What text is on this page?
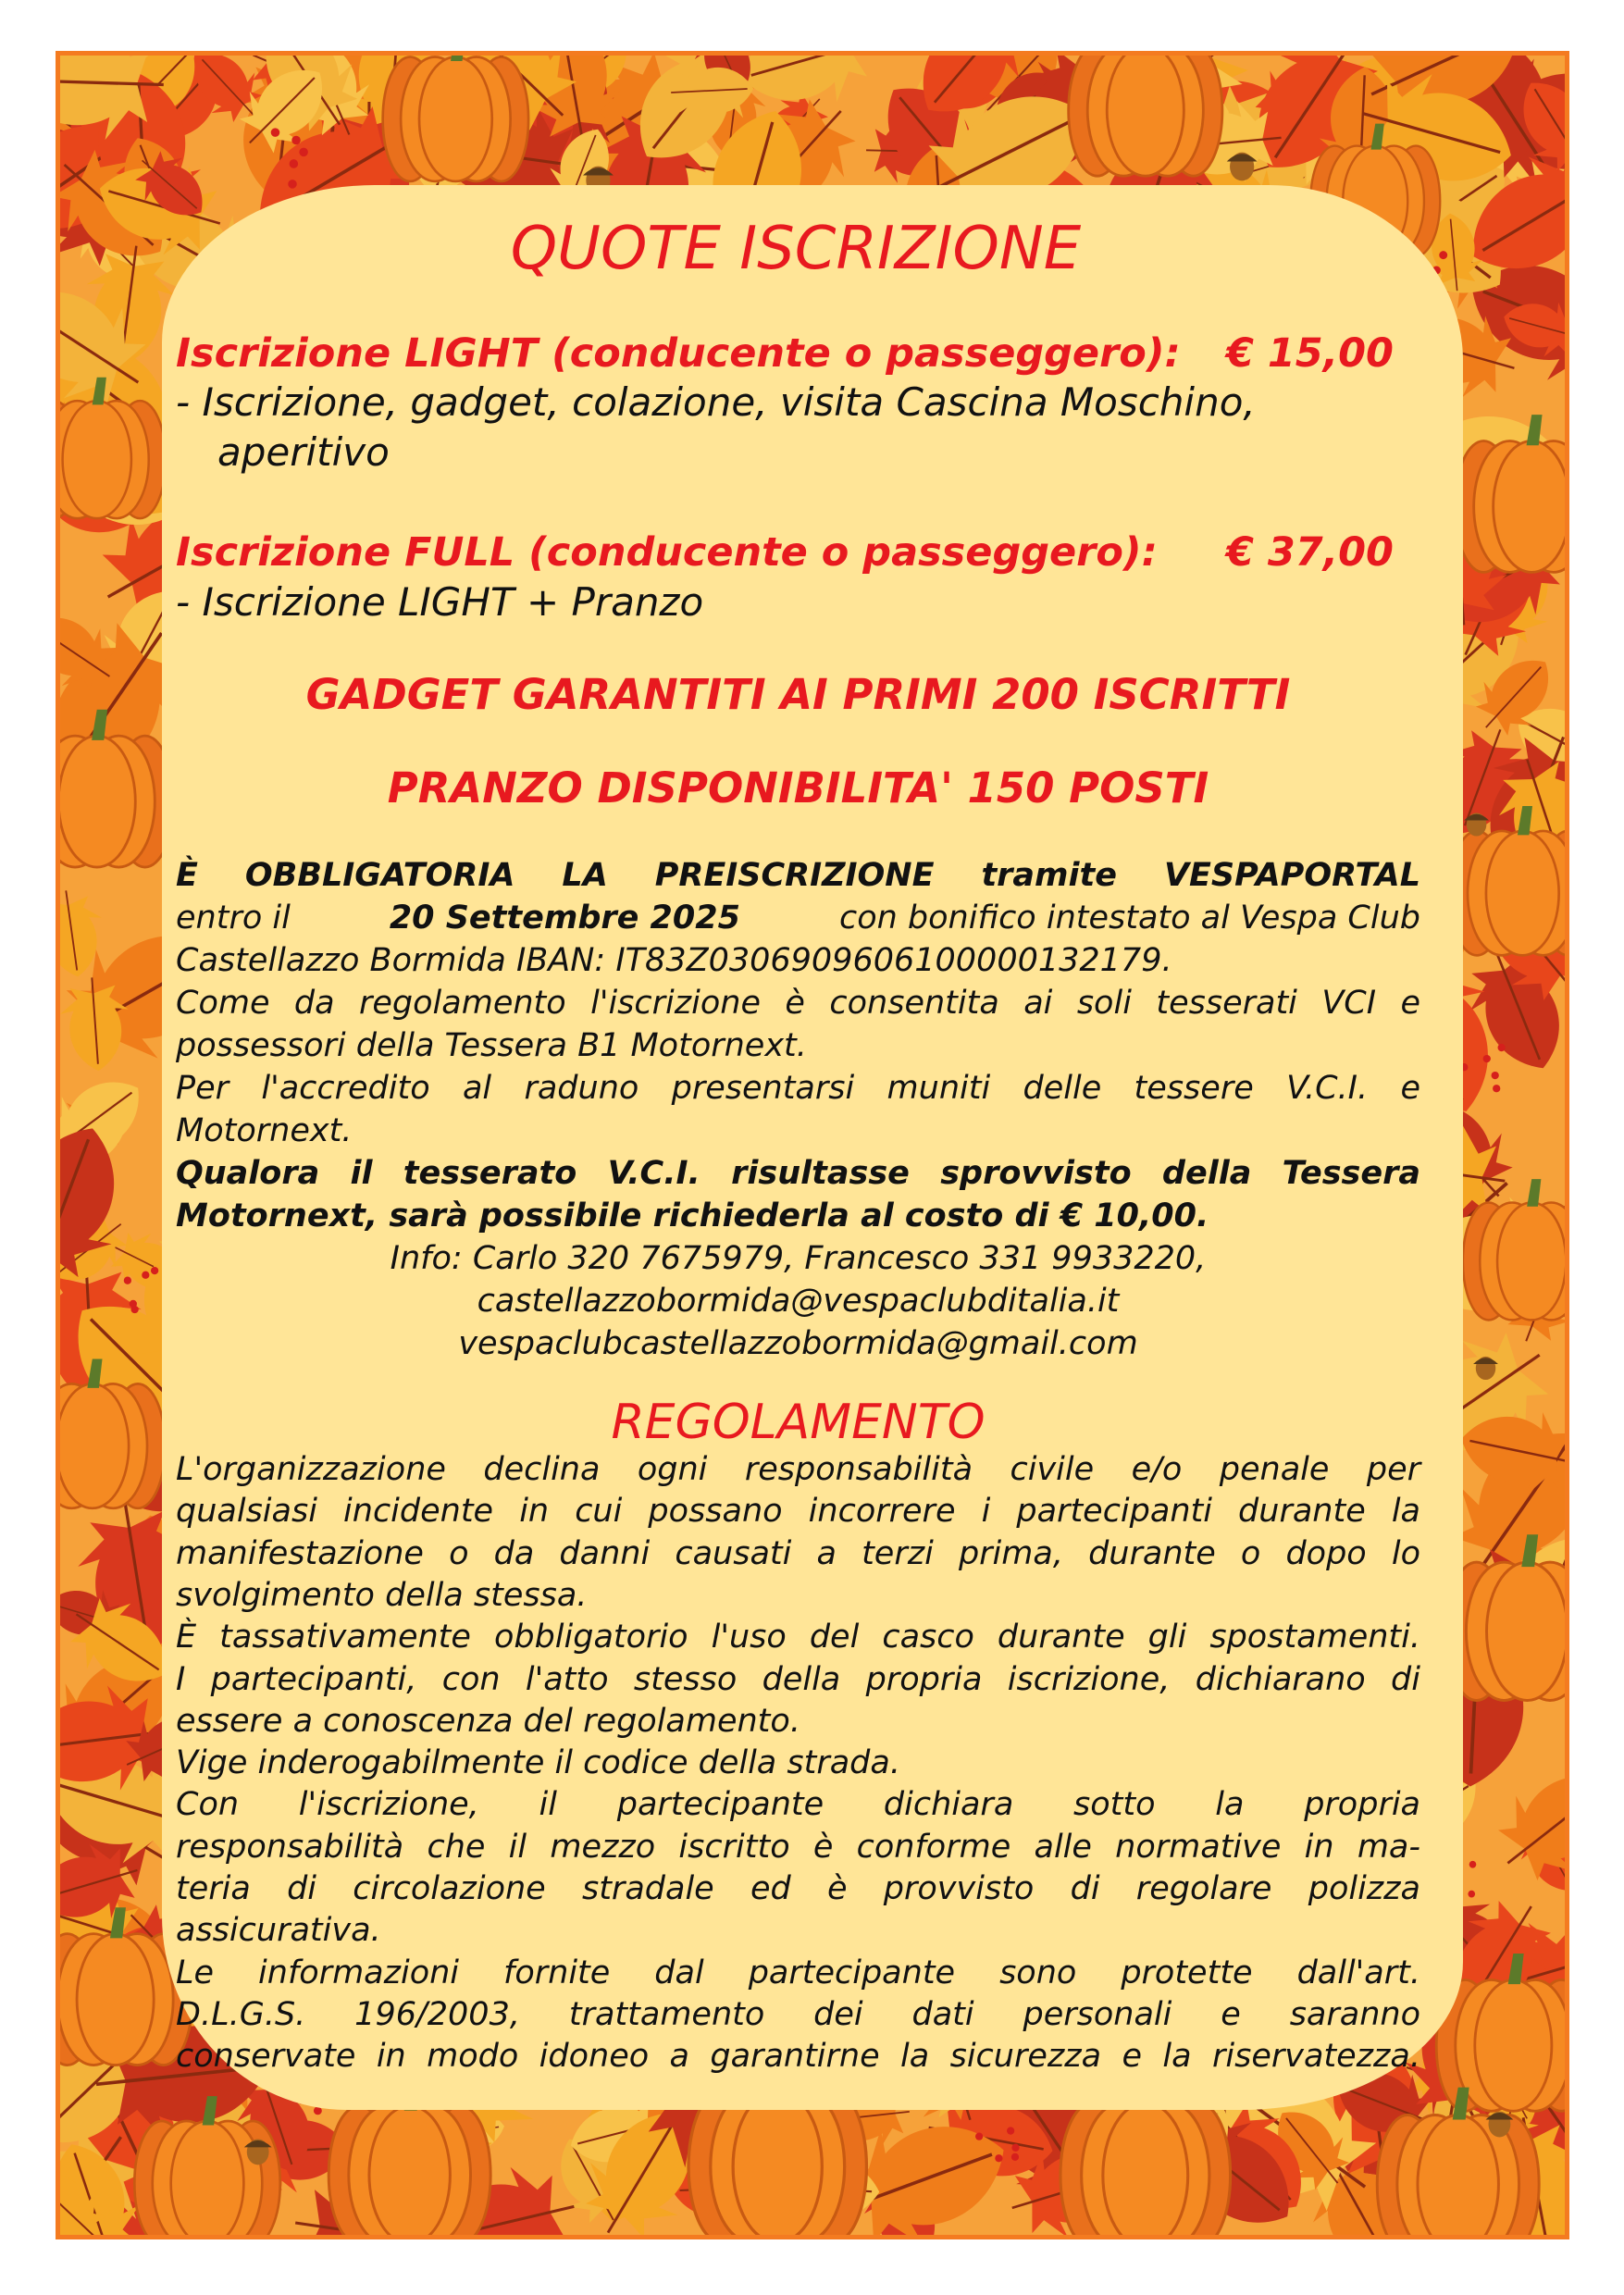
QUOTE ISCRIZIONE
Iscrizione LIGHT (conducente o passeggero): € 15,00
- Iscrizione, gadget, colazione, visita Cascina Moschino,
aperitivo
Iscrizione FULL (conducente o passeggero): € 37,00
- Iscrizione LIGHT + Pranzo
GADGET GARANTITI AI PRIMI 200 ISCRITTI
PRANZO DISPONIBILITA' 150 POSTI
È OBBLIGATORIA LA PREISCRIZIONE tramite VESPAPORTAL
entro il	20 Settembre 2025	con bonifico intestato al Vespa Club
Castellazzo Bormida IBAN: IT83Z0306909606100000132179.
Come da regolamento l'iscrizione è consentita ai soli tesserati VCI e
possessori della Tessera B1 Motornext.
Per l'accredito al raduno presentarsi muniti delle tessere V.C.I. e
Motornext.
Qualora il tesserato V.C.I. risultasse sprovvisto della Tessera
Motornext, sarà possibile richiederla al costo di € 10,00.
Info: Carlo 320 7675979, Francesco 331 9933220,
castellazzobormida@vespaclubditalia.it
vespaclubcastellazzobormida@gmail.com
REGOLAMENTO
L'organizzazione declina ogni responsabilità civile e/o penale per
qualsiasi incidente in cui possano incorrere i partecipanti durante la
manifestazione o da danni causati a terzi prima, durante o dopo lo
svolgimento della stessa.
È tassativamente obbligatorio l'uso del casco durante gli spostamenti.
I partecipanti, con l'atto stesso della propria iscrizione, dichiarano di
essere a conoscenza del regolamento.
Vige inderogabilmente il codice della strada.
Con l'iscrizione, il partecipante dichiara sotto la propria
responsabilità che il mezzo iscritto è conforme alle normative in ma-
teria di circolazione stradale ed è provvisto di regolare polizza
assicurativa.
Le informazioni fornite dal partecipante sono protette dall'art.
D.L.G.S. 196/2003, trattamento dei dati personali e saranno
conservate in modo idoneo a garantirne la sicurezza e la riservatezza.
